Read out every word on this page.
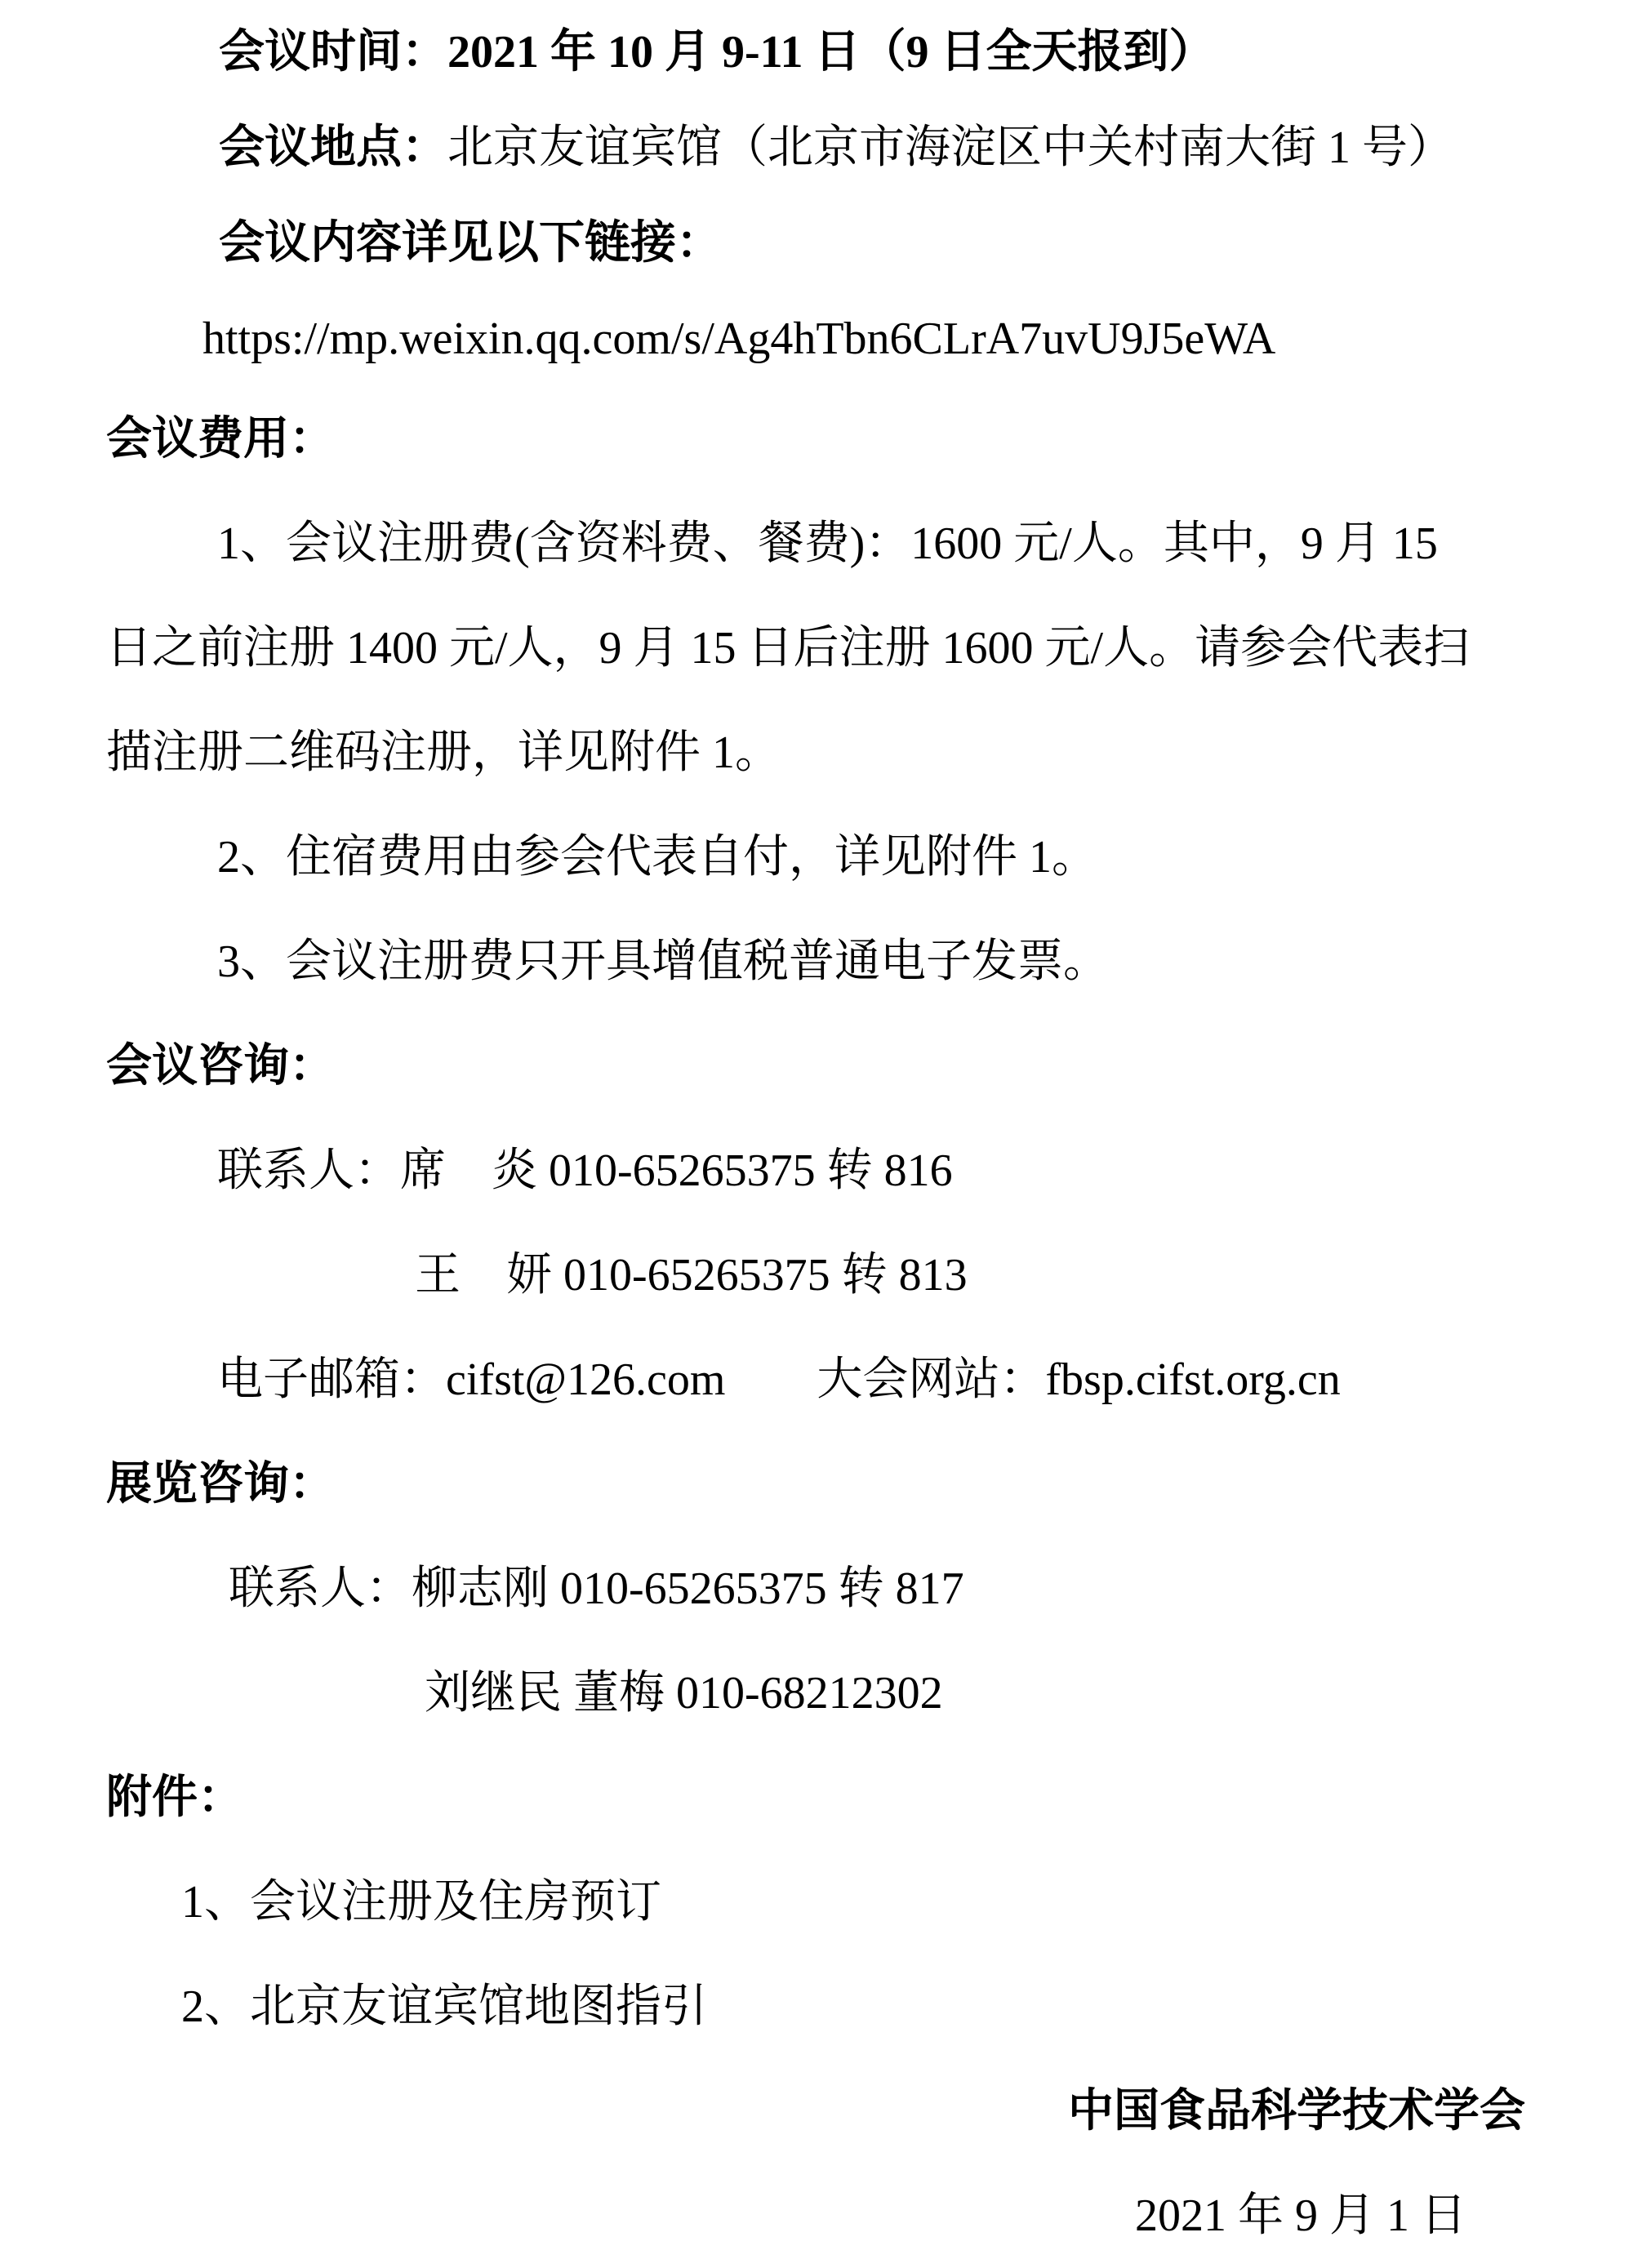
会议时间：2021 年 10 月 9-11 日（9 日全天报到）
会议地点：北京友谊宾馆（北京市海淀区中关村南大街 1 号）
会议内容详见以下链接：
https://mp.weixin.qq.com/s/Ag4hTbn6CLrA7uvU9J5eWA
会议费用：
1、会议注册费(含资料费、餐费)：1600 元/人。其中，9 月 15
日之前注册 1400 元/人，9 月 15 日后注册 1600 元/人。请参会代表扫
描注册二维码注册，详见附件 1。
2、住宿费用由参会代表自付，详见附件 1。
3、会议注册费只开具增值税普通电子发票。
会议咨询：
联系人：席　炎 010-65265375 转 816
王　妍 010-65265375 转 813
电子邮箱：cifst@126.com 大会网站：fbsp.cifst.org.cn
展览咨询：
联系人：柳志刚 010-65265375 转 817
刘继民 董梅 010-68212302
附件：
1、会议注册及住房预订
2、北京友谊宾馆地图指引
中国食品科学技术学会
2021 年 9 月 1 日
